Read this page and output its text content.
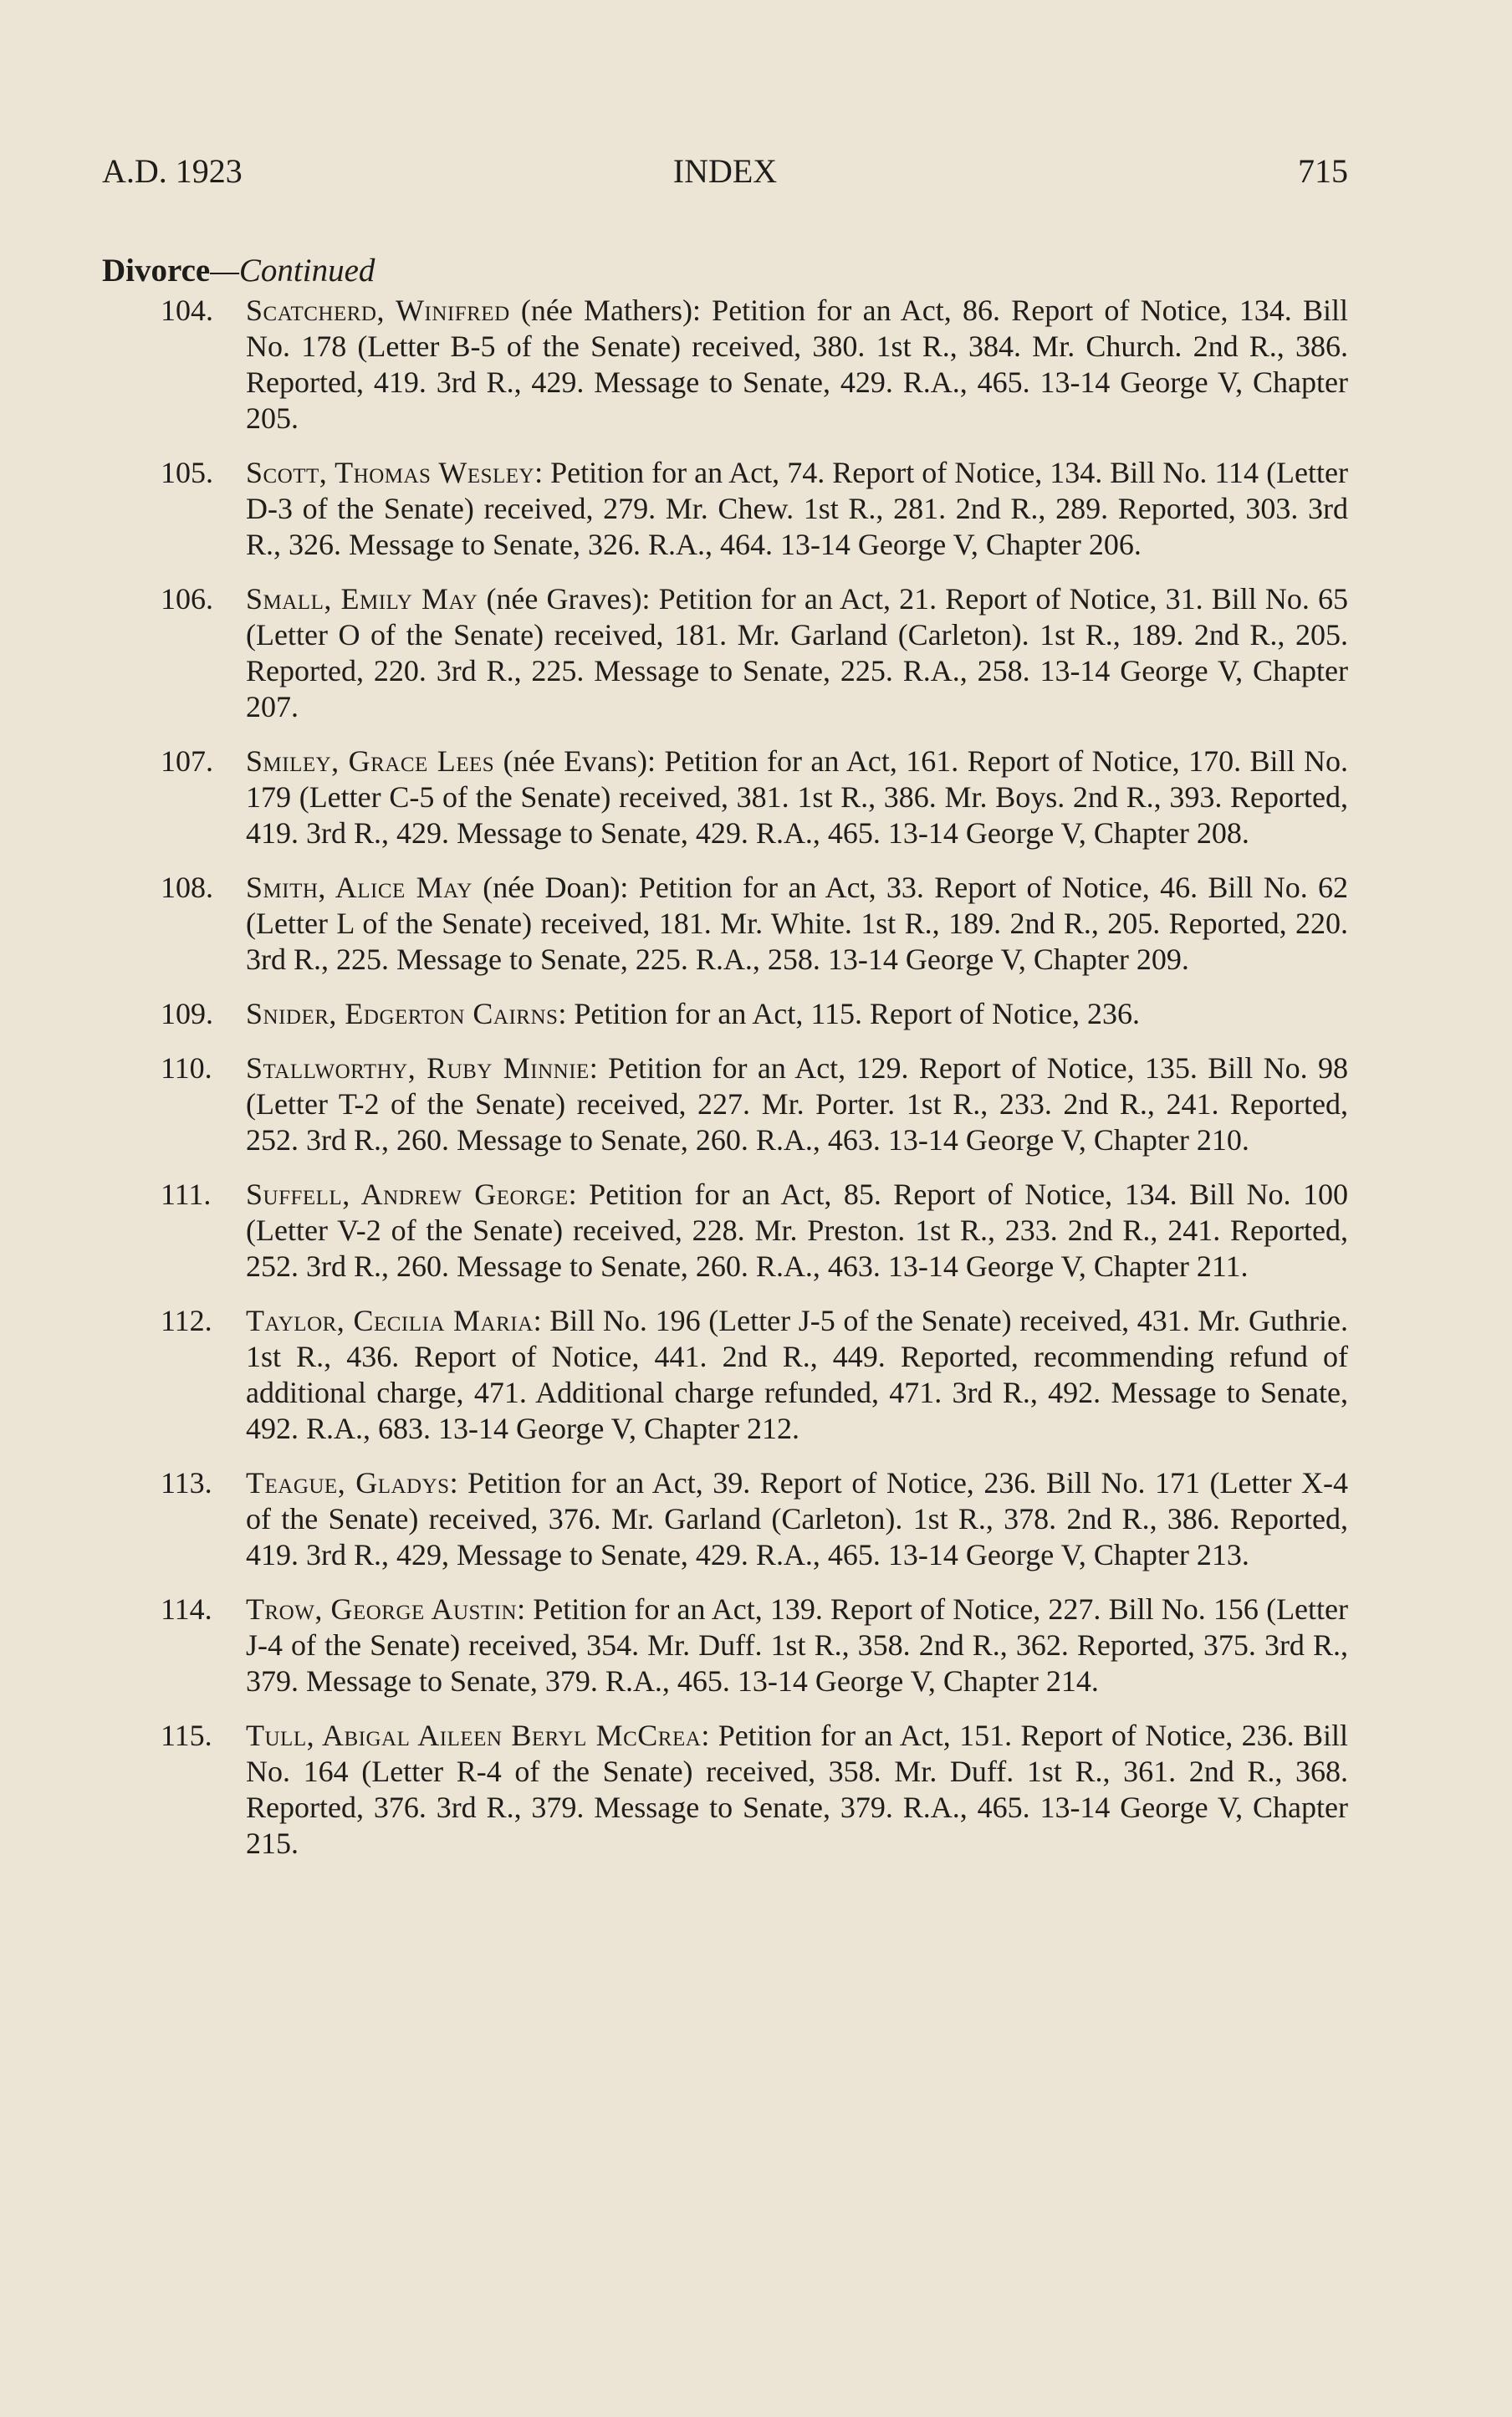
A.D. 1923	INDEX	715
Divorce—Continued
104. Scatcherd, Winifred (née Mathers): Petition for an Act, 86. Report of Notice, 134. Bill No. 178 (Letter B-5 of the Senate) received, 380. 1st R., 384. Mr. Church. 2nd R., 386. Reported, 419. 3rd R., 429. Message to Senate, 429. R.A., 465. 13-14 George V, Chapter 205.

105. Scott, Thomas Wesley: Petition for an Act, 74. Report of Notice, 134. Bill No. 114 (Letter D-3 of the Senate) received, 279. Mr. Chew. 1st R., 281. 2nd R., 289. Reported, 303. 3rd R., 326. Message to Senate, 326. R.A., 464. 13-14 George V, Chapter 206.

106. Small, Emily May (née Graves): Petition for an Act, 21. Report of Notice, 31. Bill No. 65 (Letter O of the Senate) received, 181. Mr. Garland (Carleton). 1st R., 189. 2nd R., 205. Reported, 220. 3rd R., 225. Message to Senate, 225. R.A., 258. 13-14 George V, Chapter 207.

107. Smiley, Grace Lees (née Evans): Petition for an Act, 161. Report of Notice, 170. Bill No. 179 (Letter C-5 of the Senate) received, 381. 1st R., 386. Mr. Boys. 2nd R., 393. Reported, 419. 3rd R., 429. Message to Senate, 429. R.A., 465. 13-14 George V, Chapter 208.

108. Smith, Alice May (née Doan): Petition for an Act, 33. Report of Notice, 46. Bill No. 62 (Letter L of the Senate) received, 181. Mr. White. 1st R., 189. 2nd R., 205. Reported, 220. 3rd R., 225. Message to Senate, 225. R.A., 258. 13-14 George V, Chapter 209.

109. Snider, Edgerton Cairns: Petition for an Act, 115. Report of Notice, 236.

110. Stallworthy, Ruby Minnie: Petition for an Act, 129. Report of Notice, 135. Bill No. 98 (Letter T-2 of the Senate) received, 227. Mr. Porter. 1st R., 233. 2nd R., 241. Reported, 252. 3rd R., 260. Message to Senate, 260. R.A., 463. 13-14 George V, Chapter 210.

111. Suffell, Andrew George: Petition for an Act, 85. Report of Notice, 134. Bill No. 100 (Letter V-2 of the Senate) received, 228. Mr. Preston. 1st R., 233. 2nd R., 241. Reported, 252. 3rd R., 260. Message to Senate, 260. R.A., 463. 13-14 George V, Chapter 211.

112. Taylor, Cecilia Maria: Bill No. 196 (Letter J-5 of the Senate) received, 431. Mr. Guthrie. 1st R., 436. Report of Notice, 441. 2nd R., 449. Reported, recommending refund of additional charge, 471. Additional charge refunded, 471. 3rd R., 492. Message to Senate, 492. R.A., 683. 13-14 George V, Chapter 212.

113. Teague, Gladys: Petition for an Act, 39. Report of Notice, 236. Bill No. 171 (Letter X-4 of the Senate) received, 376. Mr. Garland (Carleton). 1st R., 378. 2nd R., 386. Reported, 419. 3rd R., 429, Message to Senate, 429. R.A., 465. 13-14 George V, Chapter 213.

114. Trow, George Austin: Petition for an Act, 139. Report of Notice, 227. Bill No. 156 (Letter J-4 of the Senate) received, 354. Mr. Duff. 1st R., 358. 2nd R., 362. Reported, 375. 3rd R., 379. Message to Senate, 379. R.A., 465. 13-14 George V, Chapter 214.

115. Tull, Abigal Aileen Beryl McCrea: Petition for an Act, 151. Report of Notice, 236. Bill No. 164 (Letter R-4 of the Senate) received, 358. Mr. Duff. 1st R., 361. 2nd R., 368. Reported, 376. 3rd R., 379. Message to Senate, 379. R.A., 465. 13-14 George V, Chapter 215.
